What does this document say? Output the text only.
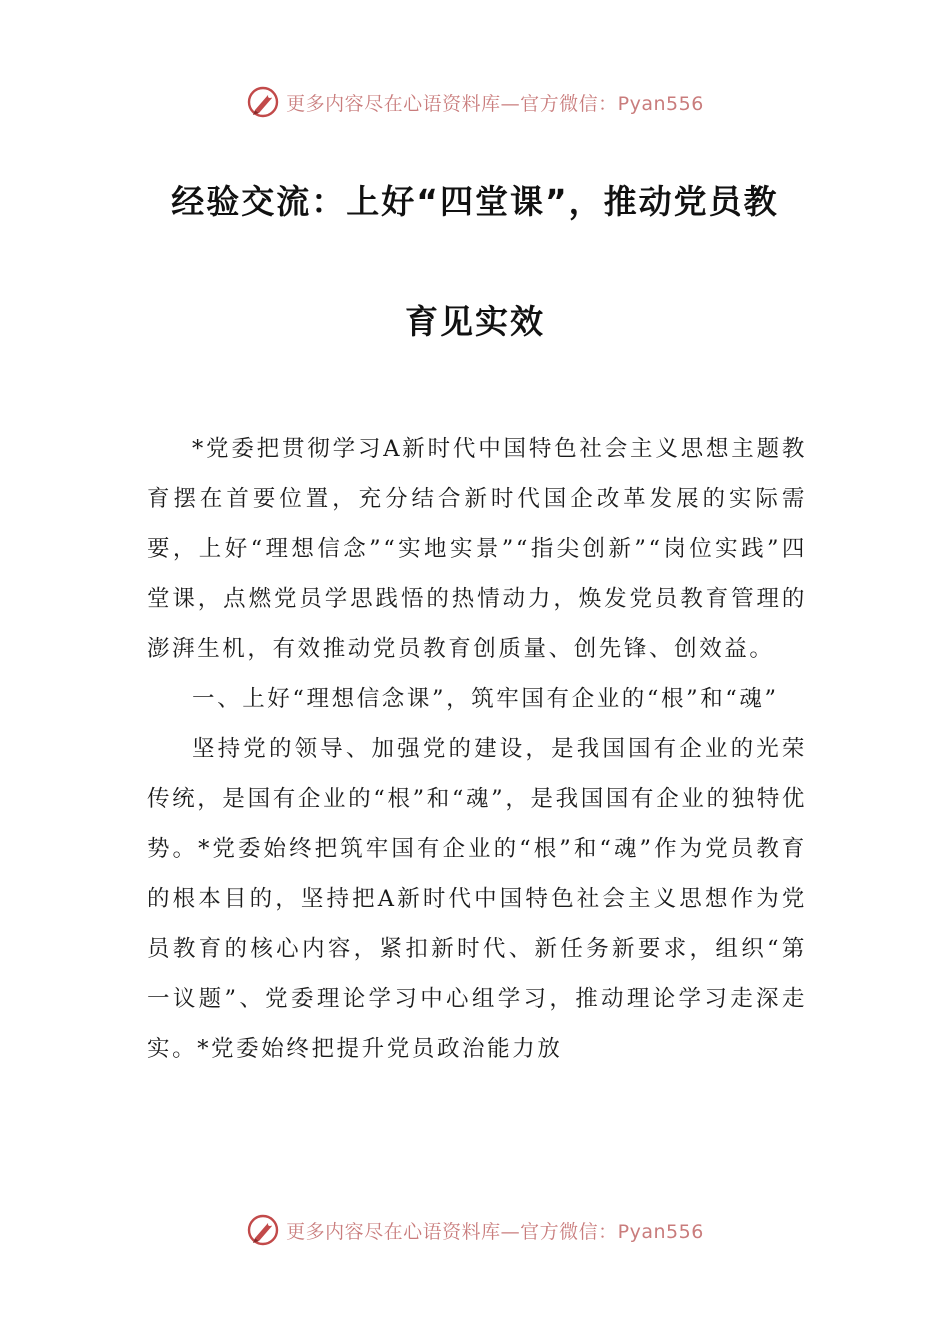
更多内容尽在心语资料库—官方微信：Pyan556
经验交流：上好“四堂课”，推动党员教
育见实效

*党委把贯彻学习A新时代中国特色社会主义思想主题教育摆在首要位置，充分结合新时代国企改革发展的实际需要，上好“理想信念”“实地实景”“指尖创新”“岗位实践”四堂课，点燃党员学思践悟的热情动力，焕发党员教育管理的澎湃生机，有效推动党员教育创质量、创先锋、创效益。

一、上好“理想信念课”，筑牢国有企业的“根”和“魂”

坚持党的领导、加强党的建设，是我国国有企业的光荣传统，是国有企业的“根”和“魂”，是我国国有企业的独特优势。*党委始终把筑牢国有企业的“根”和“魂”作为党员教育的根本目的，坚持把A新时代中国特色社会主义思想作为党员教育的核心内容，紧扣新时代、新任务新要求，组织“第一议题”、党委理论学习中心组学习，推动理论学习走深走实。*党委始终把提升党员政治能力放

更多内容尽在心语资料库—官方微信：Pyan556
